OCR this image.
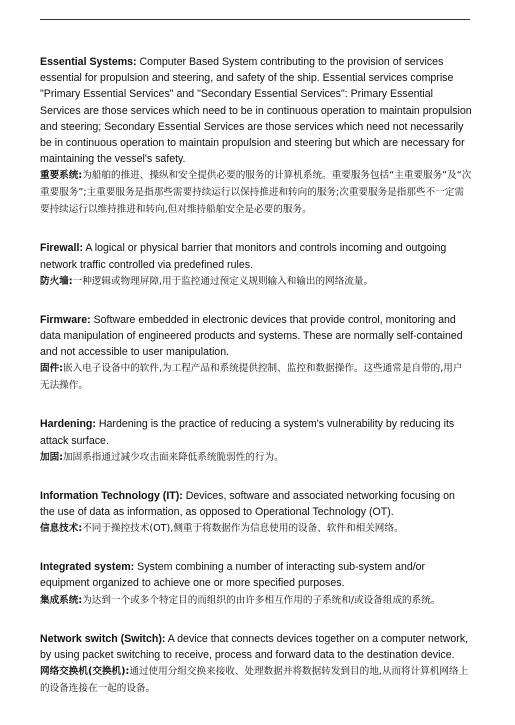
Essential Systems: Computer Based System contributing to the provision of services essential for propulsion and steering, and safety of the ship. Essential services comprise "Primary Essential Services" and "Secondary Essential Services": Primary Essential Services are those services which need to be in continuous operation to maintain propulsion and steering; Secondary Essential Services are those services which need not necessarily be in continuous operation to maintain propulsion and steering but which are necessary for maintaining the vessel's safety.

重要系统:为船舶的推进、操纵和安全提供必要的服务的计算机系统。重要服务包括“主重要服务”及“次重要服务”;主重要服务是指那些需要持续运行以保持推进和转向的服务;次重要服务是指那些不一定需要持续运行以维持推进和转向,但对维持船舶安全是必要的服务。

Firewall: A logical or physical barrier that monitors and controls incoming and outgoing network traffic controlled via predefined rules.

防火墙:一种逻辑或物理屏障,用于监控通过预定义规则输入和输出的网络流量。

Firmware: Software embedded in electronic devices that provide control, monitoring and data manipulation of engineered products and systems. These are normally self-contained and not accessible to user manipulation.

固件:嵌入电子设备中的软件,为工程产品和系统提供控制、监控和数据操作。这些通常是自带的,用户无法操作。

Hardening: Hardening is the practice of reducing a system's vulnerability by reducing its attack surface.

加固:加固系指通过减少攻击面来降低系统脆弱性的行为。

Information Technology (IT): Devices, software and associated networking focusing on the use of data as information, as opposed to Operational Technology (OT).

信息技术:不同于操控技术(OT),侧重于将数据作为信息使用的设备、软件和相关网络。

Integrated system: System combining a number of interacting sub-system and/or equipment organized to achieve one or more specified purposes.

集成系统:为达到一个或多个特定目的而组织的由许多相互作用的子系统和/或设备组成的系统。

Network switch (Switch): A device that connects devices together on a computer network, by using packet switching to receive, process and forward data to the destination device.

网络交换机(交换机):通过使用分组交换来接收、处理数据并将数据转发到目的地,从而将计算机网络上的设备连接在一起的设备。
